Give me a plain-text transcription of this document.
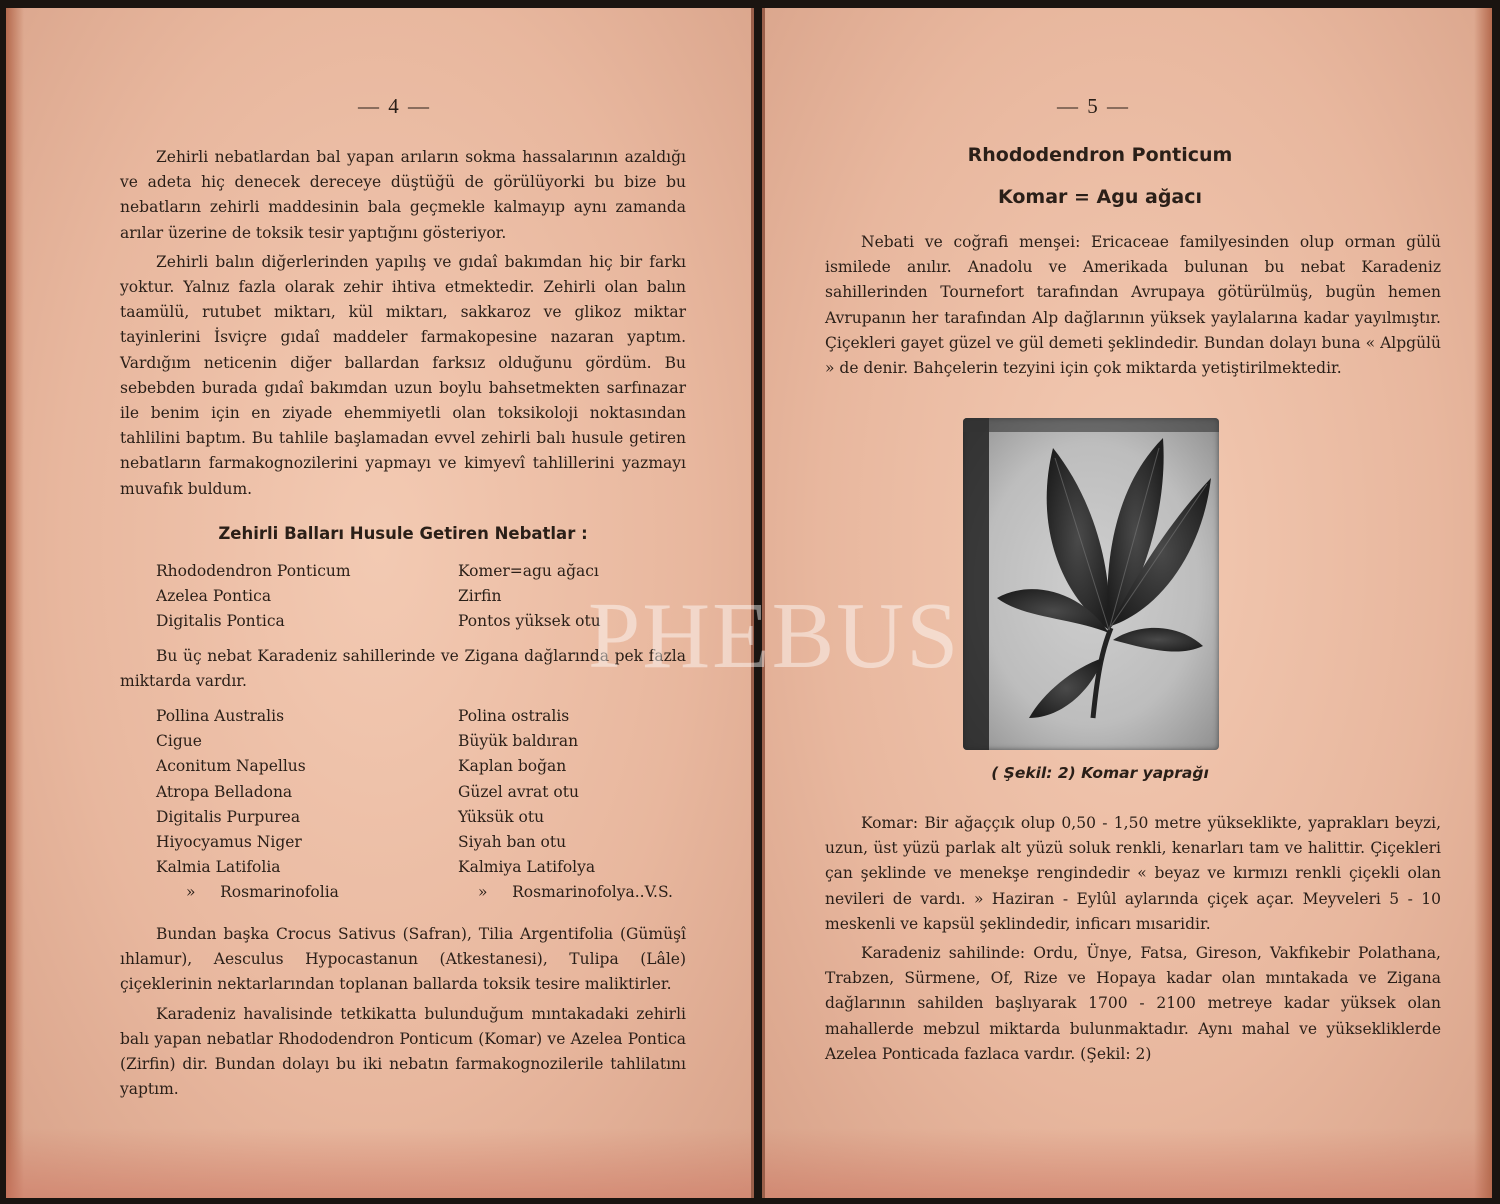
— 4 —

Zehirli nebatlardan bal yapan arıların sokma hassalarının azaldığı ve adeta hiç denecek dereceye düştüğü de görülüyorki bu bize bu nebatların zehirli maddesinin bala geçmekle kalmayıp aynı zamanda arılar üzerine de toksik tesir yaptığını gösteriyor.

Zehirli balın diğerlerinden yapılış ve gıdaî bakımdan hiç bir farkı yoktur. Yalnız fazla olarak zehir ihtiva etmektedir. Zehirli olan balın taamülü, rutubet miktarı, kül miktarı, sakkaroz ve glikoz miktar tayinlerini İsviçre gıdaî maddeler farmakopesine nazaran yaptım. Vardığım neticenin diğer ballardan farksız olduğunu gördüm. Bu sebebden burada gıdaî bakımdan uzun boylu bahsetmekten sarfınazar ile benim için en ziyade ehemmiyetli olan toksikoloji noktasından tahlilini baptım. Bu tahlile başlamadan evvel zehirli balı husule getiren nebatların farmakognozilerini yapmayı ve kimyevî tahlillerini yazmayı muvafık buldum.

Zehirli Balları Husule Getiren Nebatlar :
Rhododendron Ponticum	Komer=agu ağacı
Azelea Pontica	Zirfin
Digitalis Pontica	Pontos yüksek otu

Bu üç nebat Karadeniz sahillerinde ve Zigana dağlarında pek fazla miktarda vardır.

Pollina Australis	Polina ostralis
Cigue	Büyük baldıran
Aconitum Napellus	Kaplan boğan
Atropa Belladona	Güzel avrat otu
Digitalis Purpurea	Yüksük otu
Hiyocyamus Niger	Siyah ban otu
Kalmia Latifolia	Kalmiya Latifolya
»     Rosmarinofolia	»     Rosmarinofolya..V.S.

Bundan başka Crocus Sativus (Safran), Tilia Argentifolia (Gümüşî ıhlamur), Aesculus Hypocastanun (Atkestanesi), Tulipa (Lâle) çiçeklerinin nektarlarından toplanan ballarda toksik tesire maliktirler.

Karadeniz havalisinde tetkikatta bulunduğum mıntakadaki zehirli balı yapan nebatlar Rhododendron Ponticum (Komar) ve Azelea Pontica (Zirfin) dir. Bundan dolayı bu iki nebatın farmakognozilerile tahlilatını yaptım.

— 5 —
Rhododendron Ponticum
Komar = Agu ağacı

Nebati ve coğrafi menşei: Ericaceae familyesinden olup orman gülü ismilede anılır. Anadolu ve Amerikada bulunan bu nebat Karadeniz sahillerinden Tournefort tarafından Avrupaya götürülmüş, bugün hemen Avrupanın her tarafından Alp dağlarının yüksek yaylalarına kadar yayılmıştır. Çiçekleri gayet güzel ve gül demeti şeklindedir. Bundan dolayı buna « Alpgülü » de denir. Bahçelerin tezyini için çok miktarda yetiştirilmektedir.

( Şekil: 2) Komar yaprağı

Komar: Bir ağaççık olup 0,50 - 1,50 metre yükseklikte, yaprakları beyzi, uzun, üst yüzü parlak alt yüzü soluk renkli, kenarları tam ve halittir. Çiçekleri çan şeklinde ve menekşe rengindedir « beyaz ve kırmızı renkli çiçekli olan nevileri de vardı. » Haziran - Eylûl aylarında çiçek açar. Meyveleri 5 - 10 meskenli ve kapsül şeklindedir, inficarı mısaridir.

Karadeniz sahilinde: Ordu, Ünye, Fatsa, Gireson, Vakfıkebir Polathana, Trabzen, Sürmene, Of, Rize ve Hopaya kadar olan mıntakada ve Zigana dağlarının sahilden başlıyarak 1700 - 2100 metreye kadar yüksek olan mahallerde mebzul miktarda bulunmaktadır. Aynı mahal ve yüksekliklerde Azelea Ponticada fazlaca vardır. (Şekil: 2)

PHEBUS
